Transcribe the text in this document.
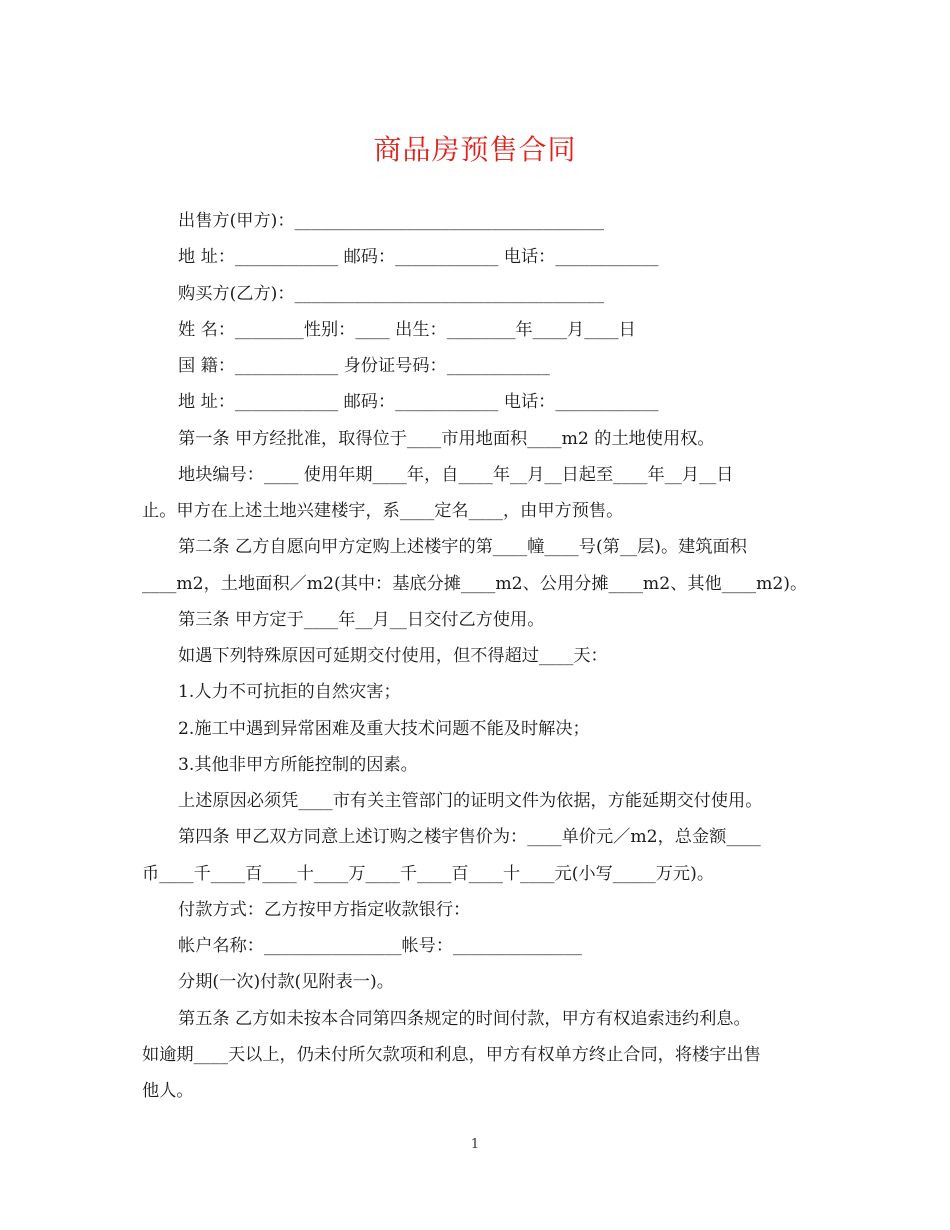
商品房预售合同
出售方(甲方)：____________________________________
地 址：____________ 邮码：____________ 电话：____________
购买方(乙方)：____________________________________
姓 名：________性别：____ 出生：________年____月____日
国 籍：____________ 身份证号码：____________
地 址：____________ 邮码：____________ 电话：____________
第一条 甲方经批准，取得位于____市用地面积____m2 的土地使用权。
地块编号：____ 使用年期____年，自____年__月__日起至____年__月__日
止。甲方在上述土地兴建楼宇，系____定名____，由甲方预售。
第二条 乙方自愿向甲方定购上述楼宇的第____幢____号(第__层)。建筑面积
____m2，土地面积／m2(其中：基底分摊____m2、公用分摊____m2、其他____m2)。
第三条 甲方定于____年__月__日交付乙方使用。
如遇下列特殊原因可延期交付使用，但不得超过____天：
1.人力不可抗拒的自然灾害；
2.施工中遇到异常困难及重大技术问题不能及时解决；
3.其他非甲方所能控制的因素。
上述原因必须凭____市有关主管部门的证明文件为依据，方能延期交付使用。
第四条 甲乙双方同意上述订购之楼宇售价为：____单价元／m2，总金额____
币____千____百____十____万____千____百____十____元(小写_____万元)。
付款方式：乙方按甲方指定收款银行：
帐户名称：________________帐号：_______________
分期(一次)付款(见附表一)。
第五条 乙方如未按本合同第四条规定的时间付款，甲方有权追索违约利息。
如逾期____天以上，仍未付所欠款项和利息，甲方有权单方终止合同，将楼宇出售
他人。
1
